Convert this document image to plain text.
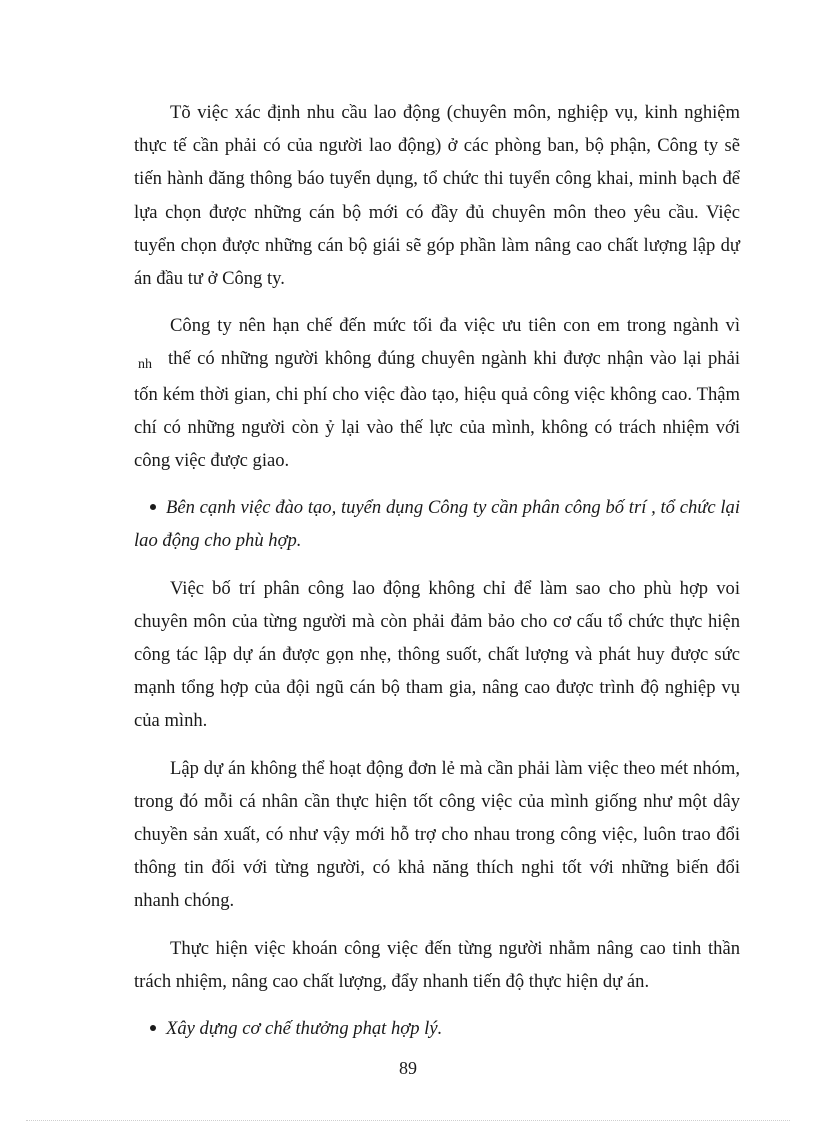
Tõ việc xác định nhu cầu lao động (chuyên môn, nghiệp vụ, kinh nghiệm thực tế cần phải có của người lao động) ở các phòng ban, bộ phận, Công ty sẽ tiến hành đăng thông báo tuyển dụng, tổ chức thi tuyển công khai, minh bạch để lựa chọn được những cán bộ mới có đầy đủ chuyên môn theo yêu cầu. Việc tuyển chọn được những cán bộ giái sẽ góp phần làm nâng cao chất lượng lập dự án đầu tư ở Công ty.

Công ty nên hạn chế đến mức tối đa việc ưu tiên con em trong ngành vì $_{nh}$ thế có những người không đúng chuyên ngành khi được nhận vào lại phải tốn kém thời gian, chi phí cho việc đào tạo, hiệu quả công việc không cao. Thậm chí có những người còn ỷ lại vào thế lực của mình, không có trách nhiệm với công việc được giao.

Bên cạnh việc đào tạo, tuyển dụng Công ty cần phân công bố trí , tổ chức lại lao động cho phù hợp.

Việc bố trí phân công lao động không chỉ để làm sao cho phù hợp voi chuyên môn của từng người mà còn phải đảm bảo cho cơ cấu tổ chức thực hiện công tác lập dự án được gọn nhẹ, thông suốt, chất lượng và phát huy được sức mạnh tổng hợp của đội ngũ cán bộ tham gia, nâng cao được trình độ nghiệp vụ của mình.

Lập dự án không thể hoạt động đơn lẻ mà cần phải làm việc theo mét nhóm, trong đó mỗi cá nhân cần thực hiện tốt công việc của mình giống như một dây chuyền sản xuất, có như vậy mới hỗ trợ cho nhau trong công việc, luôn trao đổi thông tin đối với từng người, có khả năng thích nghi tốt với những biến đổi nhanh chóng.

Thực hiện việc khoán công việc đến từng người nhằm nâng cao tinh thần trách nhiệm, nâng cao chất lượng, đẩy nhanh tiến độ thực hiện dự án.

Xây dựng cơ chế thưởng phạt hợp lý.

89
